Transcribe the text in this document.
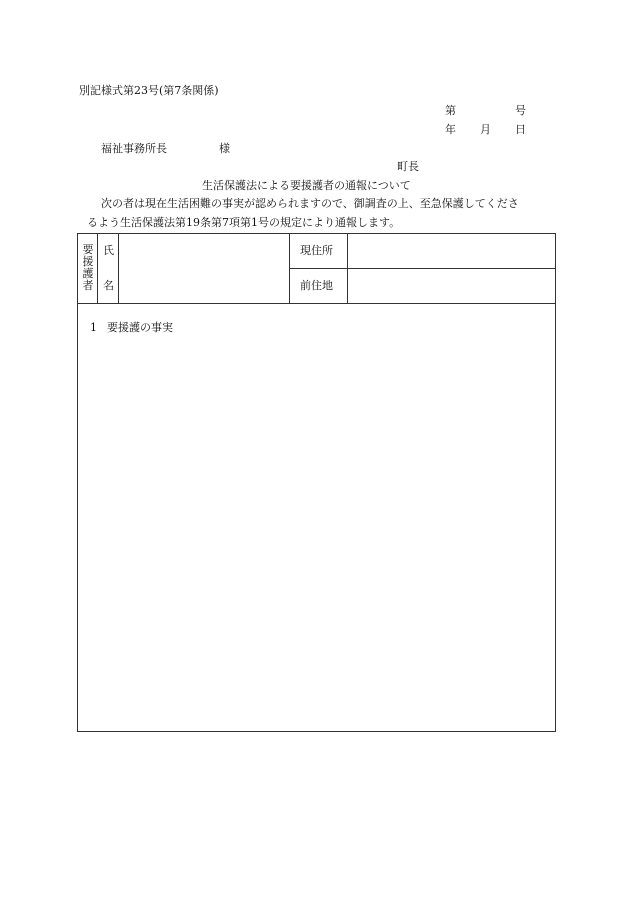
別記様式第23号(第7条関係)
第	号
年 月 日
福祉事務所長	様
町長
生活保護法による要援護者の通報について
次の者は現在生活困難の事実が認められますので、御調査の上、至急保護してくださ
るよう生活保護法第19条第7項第1号の規定により通報します。
要
援
護
者
氏
名
現住所
前住地
1 要援護の事実
